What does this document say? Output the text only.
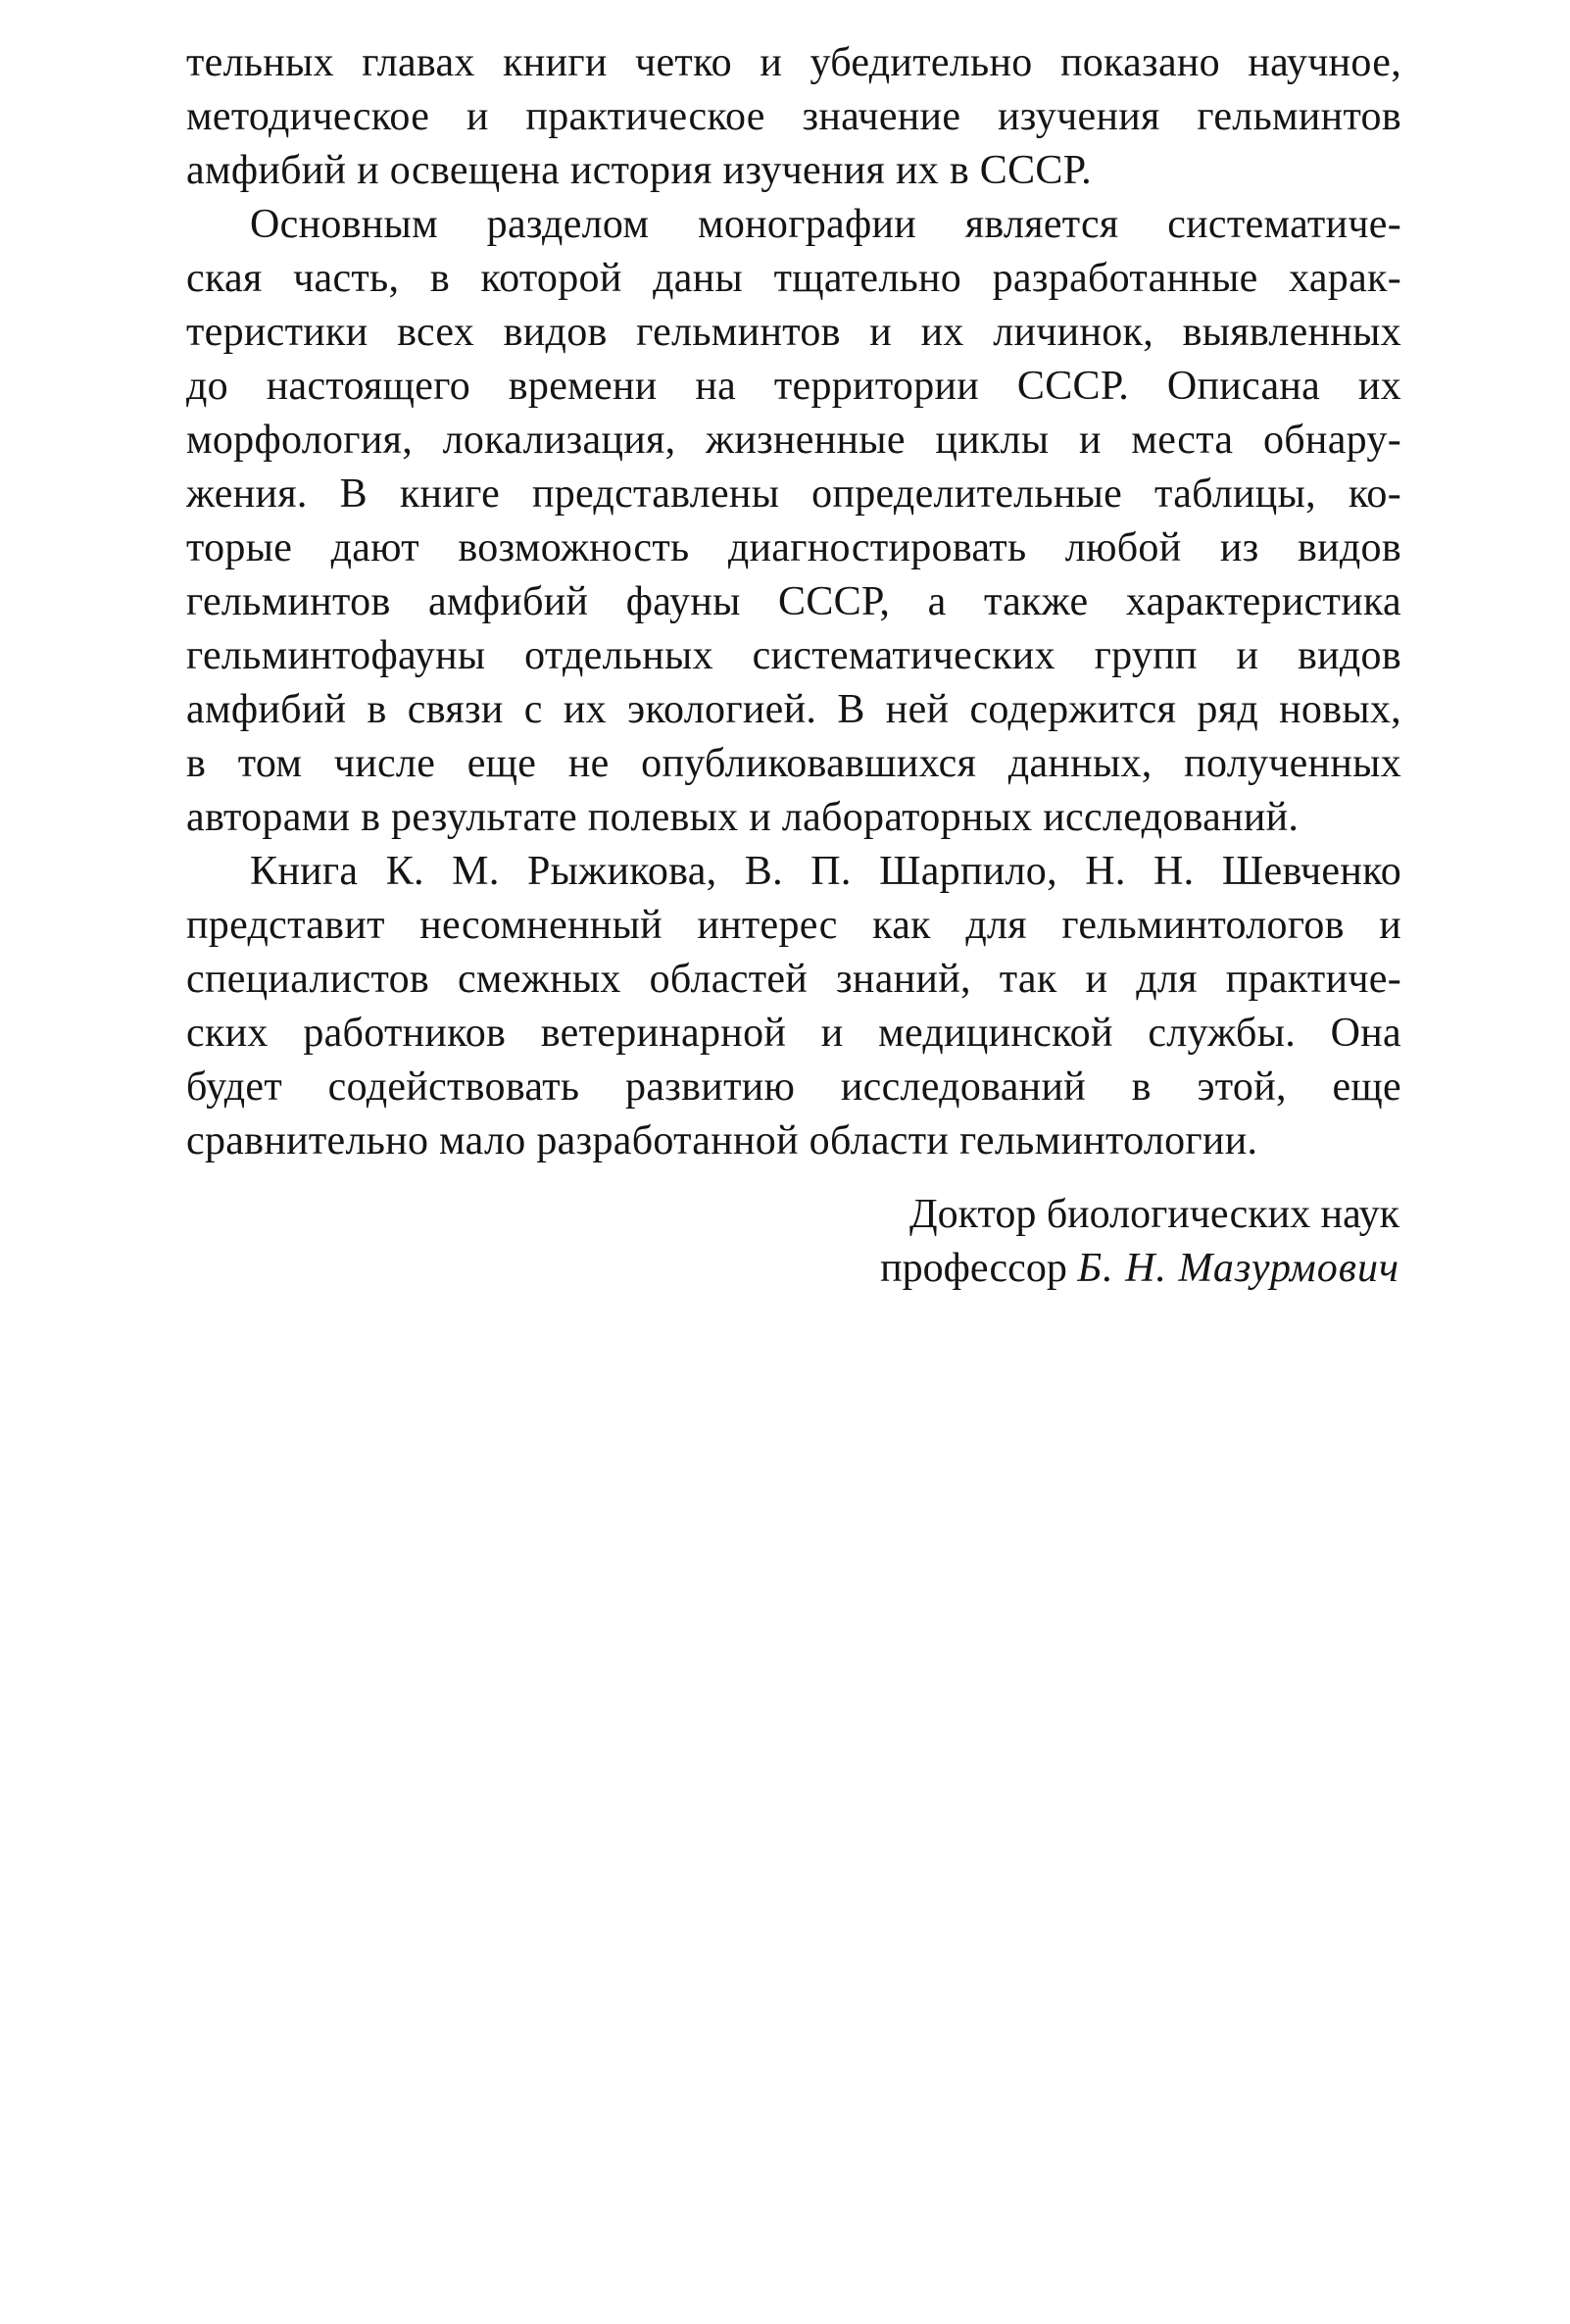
тельных главах книги четко и убедительно показано научное,
методическое и практическое значение изучения гельминтов
амфибий и освещена история изучения их в СССР.
Основным разделом монографии является систематиче-
ская часть, в которой даны тщательно разработанные харак-
теристики всех видов гельминтов и их личинок, выявленных
до настоящего времени на территории СССР. Описана их
морфология, локализация, жизненные циклы и места обнару-
жения. В книге представлены определительные таблицы, ко-
торые дают возможность диагностировать любой из видов
гельминтов амфибий фауны СССР, а также характеристика
гельминтофауны отдельных систематических групп и видов
амфибий в связи с их экологией. В ней содержится ряд новых,
в том числе еще не опубликовавшихся данных, полученных
авторами в результате полевых и лабораторных исследований.
Книга К. М. Рыжикова, В. П. Шарпило, Н. Н. Шевченко
представит несомненный интерес как для гельминтологов и
специалистов смежных областей знаний, так и для практиче-
ских работников ветеринарной и медицинской службы. Она
будет содействовать развитию исследований в этой, еще
сравнительно мало разработанной области гельминтологии.
Доктор биологических наук
профессор Б. Н. Мазурмович
